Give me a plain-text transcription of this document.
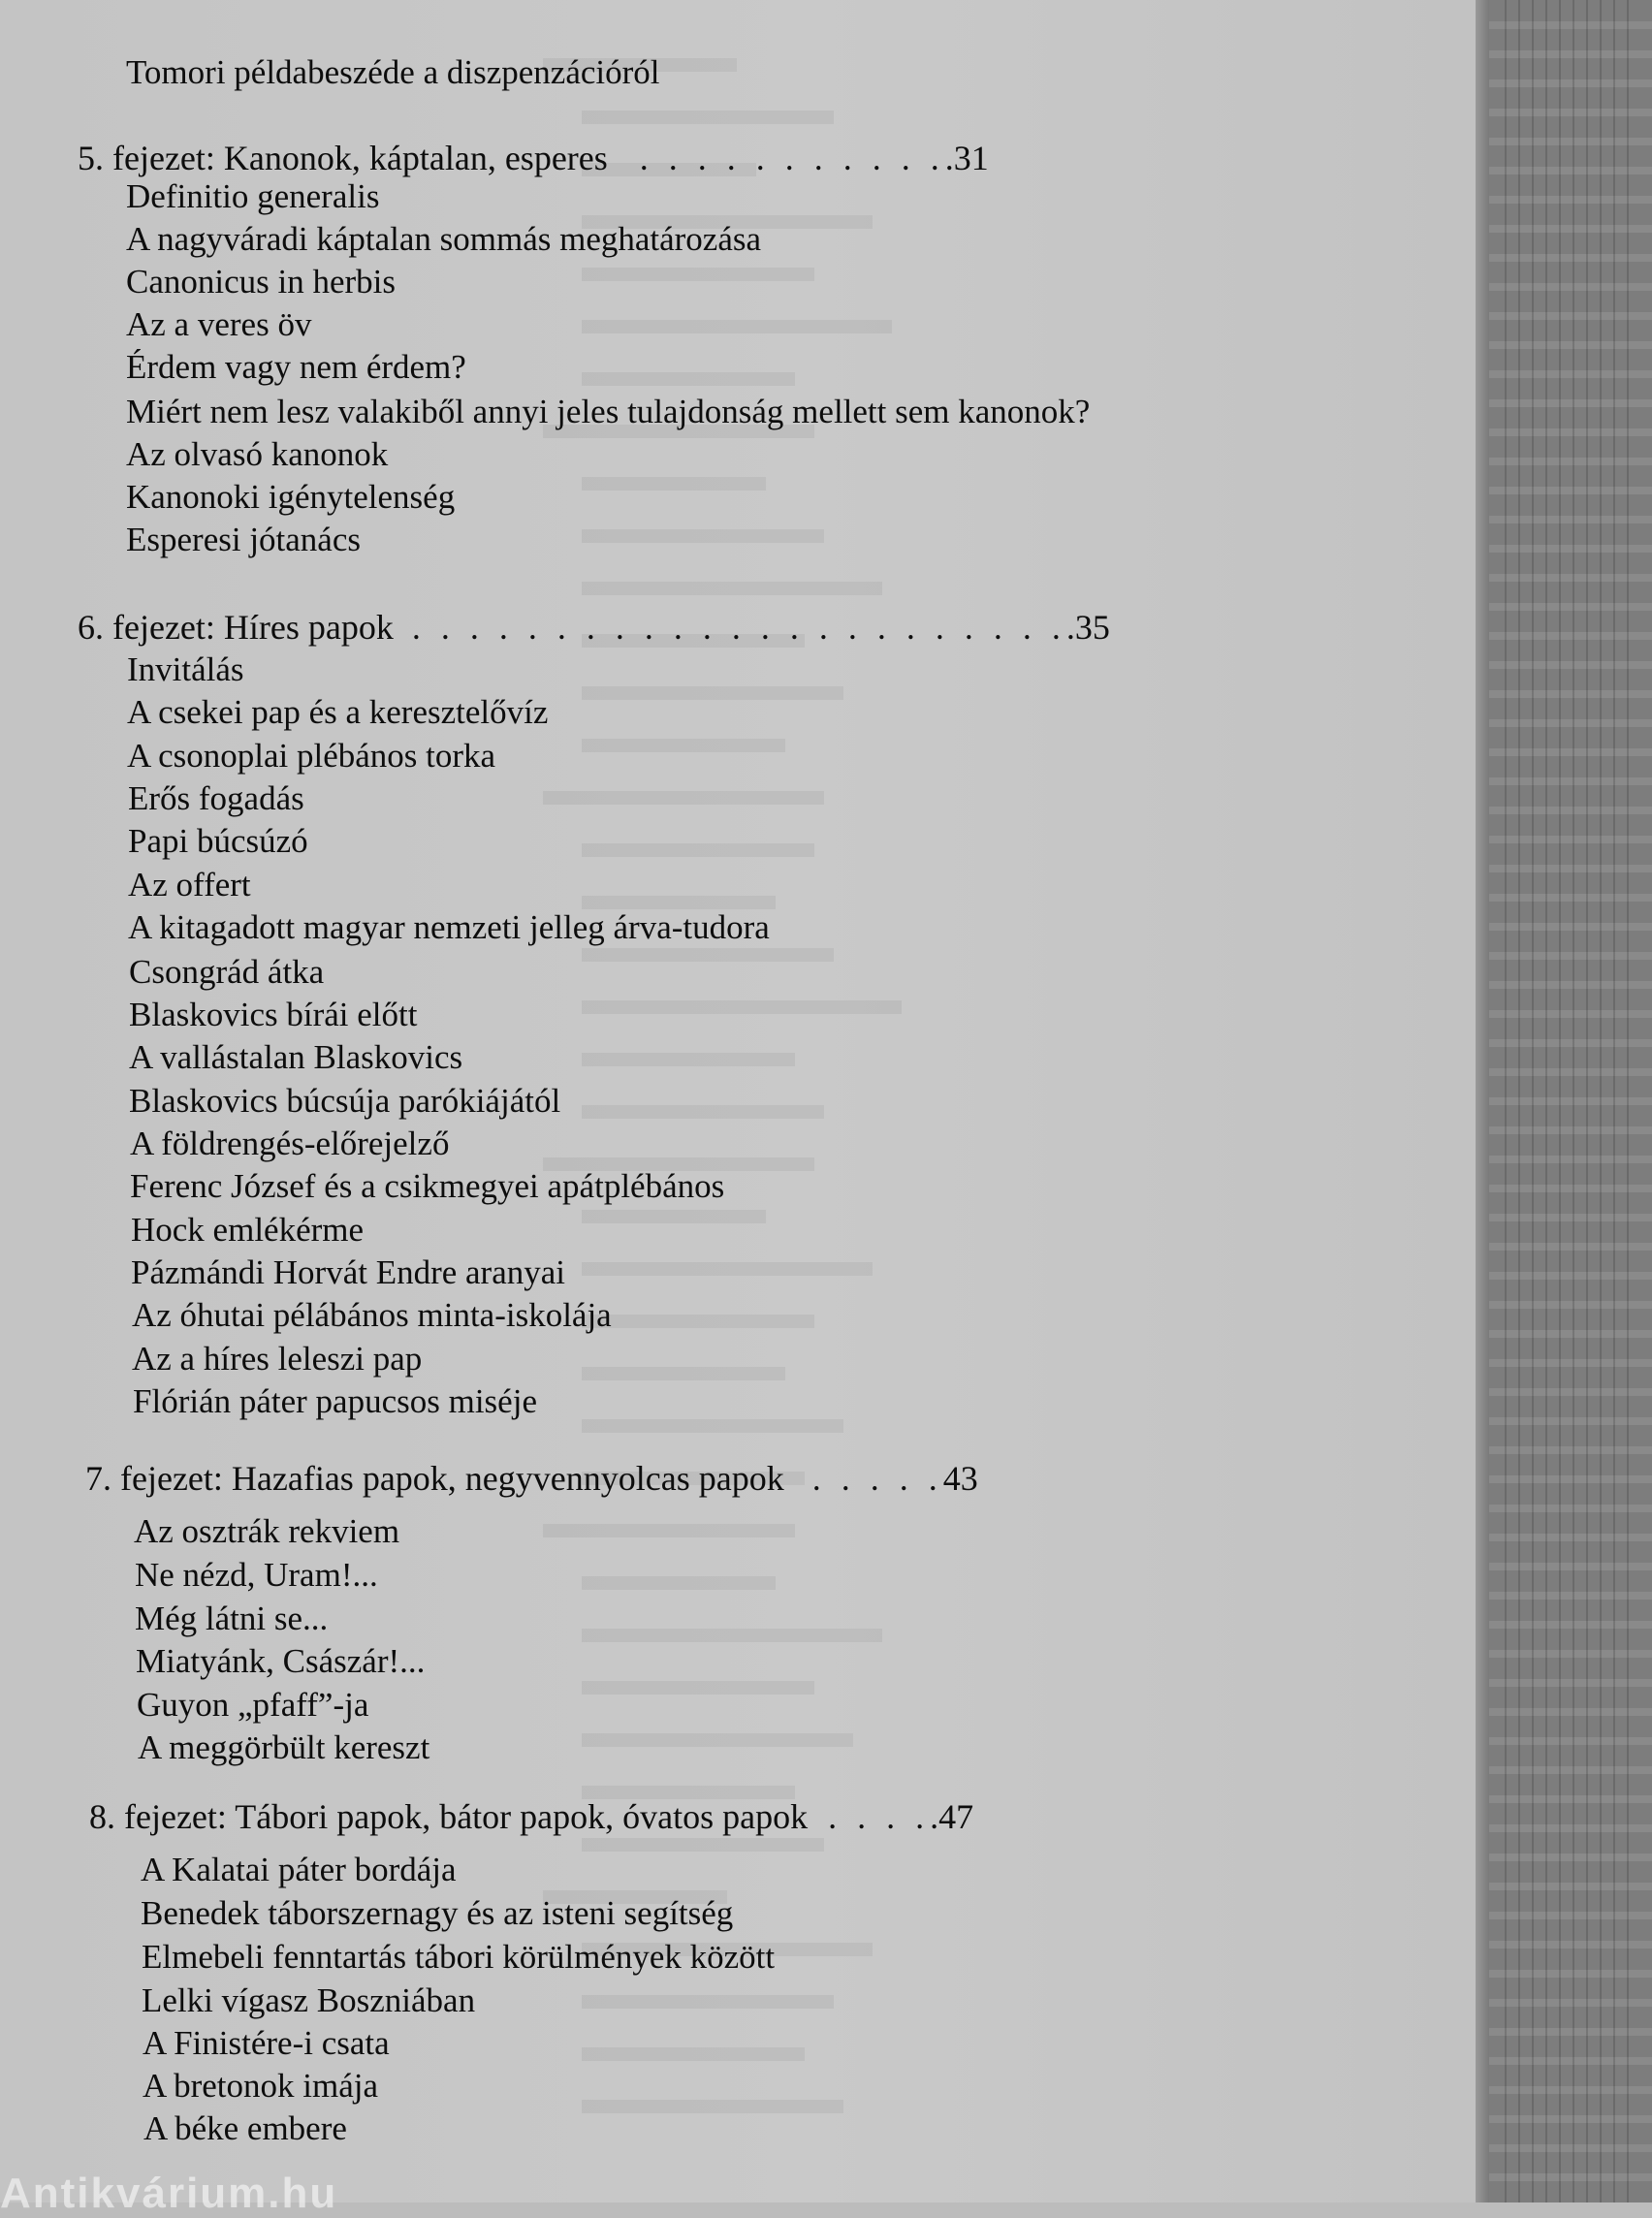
Tomori példabeszéde a diszpenzációról
5. fejezet: Kanonok, káptalan, esperes . . . . . . . . . . ..31
Definitio generalis
A nagyváradi káptalan sommás meghatározása
Canonicus in herbis
Az a veres öv
Érdem vagy nem érdem?
Miért nem lesz valakiből annyi jeles tulajdonság mellett sem kanonok?
Az olvasó kanonok
Kanonoki igénytelenség
Esperesi jótanács
6. fejezet: Híres papok . . . . . . . . . . . . . . . . . . . . . . ..35
Invitálás
A csekei pap és a keresztelővíz
A csonoplai plébános torka
Erős fogadás
Papi búcsúzó
Az offert
A kitagadott magyar nemzeti jelleg árva-tudora
Csongrád átka
Blaskovics bírái előtt
A vallástalan Blaskovics
Blaskovics búcsúja parókiájától
A földrengés-előrejelző
Ferenc József és a csikmegyei apátplébános
Hock emlékérme
Pázmándi Horvát Endre aranyai
Az óhutai pélábános minta-iskolája
Az a híres leleszi pap
Flórián páter papucsos miséje
7. fejezet: Hazafias papok, negyvennyolcas papok . . . . .43
Az osztrák rekviem
Ne nézd, Uram!...
Még látni se...
Miatyánk, Császár!...
Guyon „pfaff”-ja
A meggörbült kereszt
8. fejezet: Tábori papok, bátor papok, óvatos papok . . . ..47
A Kalatai páter bordája
Benedek táborszernagy és az isteni segítség
Elmebeli fenntartás tábori körülmények között
Lelki vígasz Boszniában
A Finistére-i csata
A bretonok imája
A béke embere
Antikvárium.hu
